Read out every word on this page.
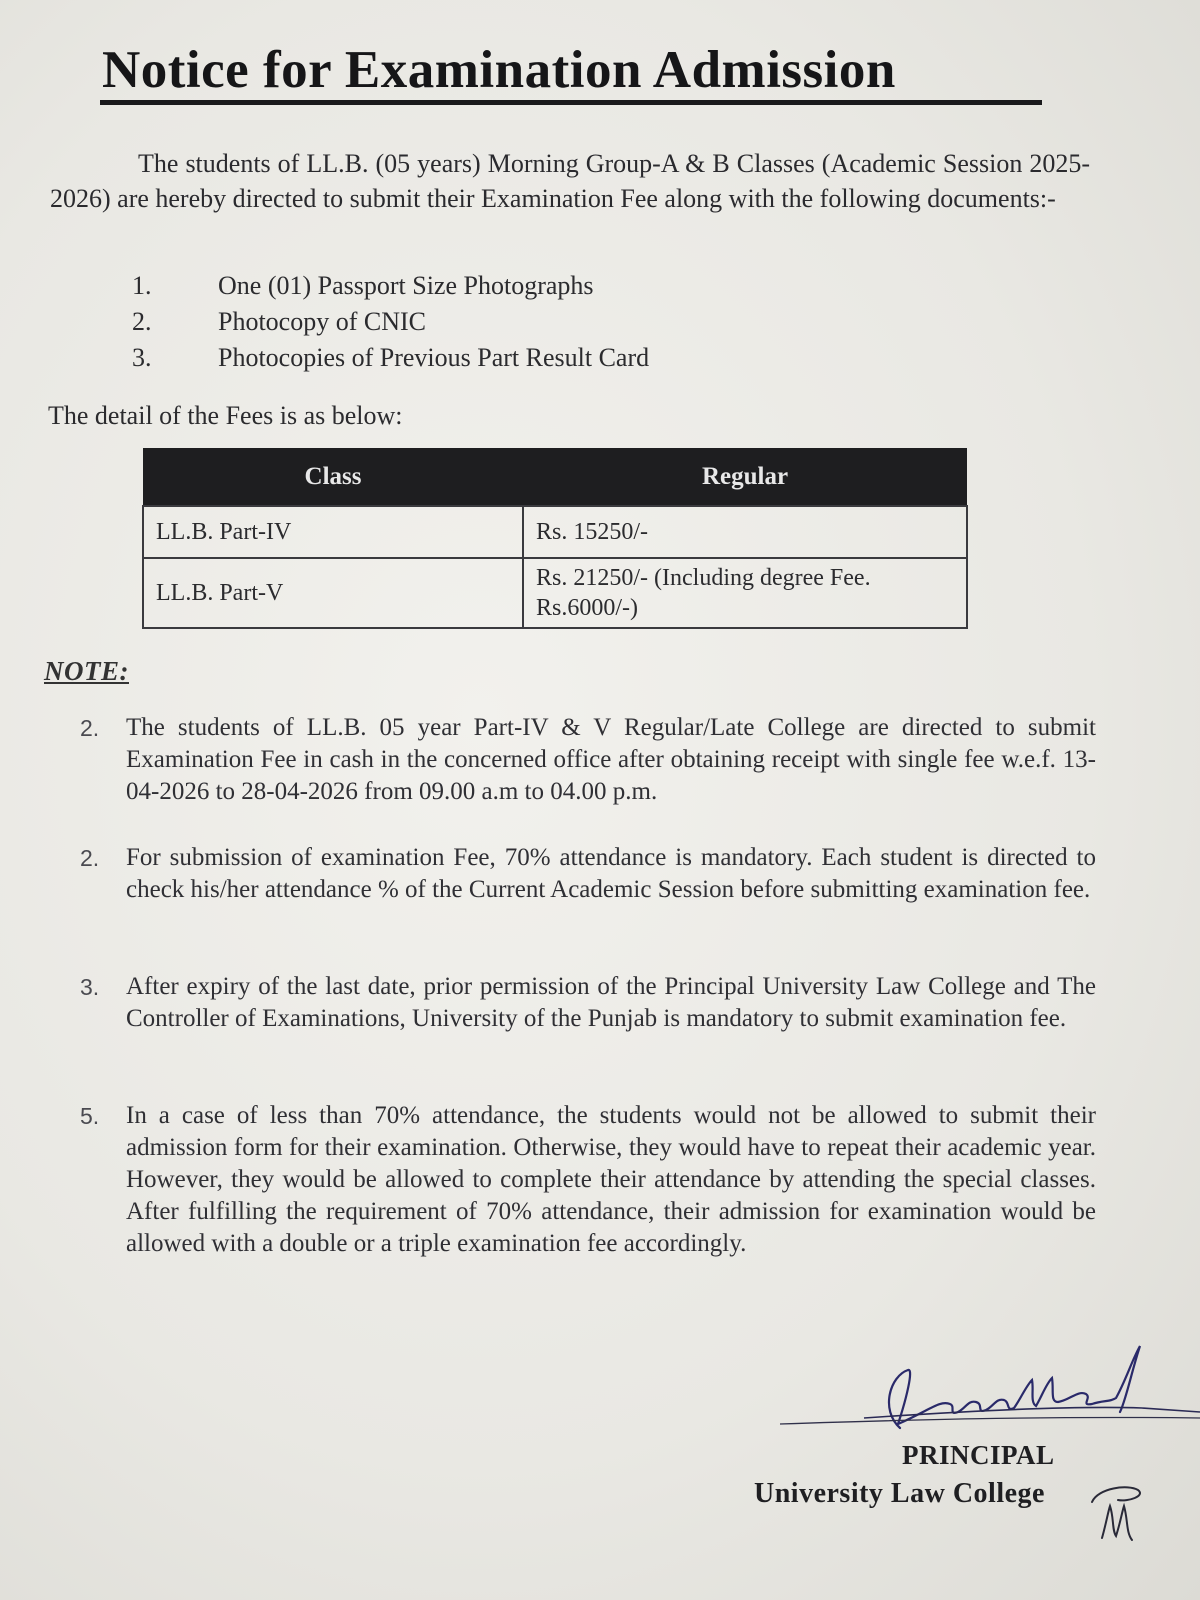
Notice for Examination Admission
The students of LL.B. (05 years) Morning Group-A & B Classes (Academic Session 2025-2026) are hereby directed to submit their Examination Fee along with the following documents:-
1.	One (01) Passport Size Photographs
2.	Photocopy of CNIC
3.	Photocopies of Previous Part Result Card
The detail of the Fees is as below:
Class	Regular
LL.B. Part-IV	Rs. 15250/-
LL.B. Part-V	Rs. 21250/- (Including degree Fee. Rs.6000/-)
NOTE:
2.	The students of LL.B. 05 year Part-IV & V Regular/Late College are directed to submit Examination Fee in cash in the concerned office after obtaining receipt with single fee w.e.f. 13-04-2026 to 28-04-2026 from 09.00 a.m to 04.00 p.m.
2.	For submission of examination Fee, 70% attendance is mandatory. Each student is directed to check his/her attendance % of the Current Academic Session before submitting examination fee.
3.	After expiry of the last date, prior permission of the Principal University Law College and The Controller of Examinations, University of the Punjab is mandatory to submit examination fee.
5.	In a case of less than 70% attendance, the students would not be allowed to submit their admission form for their examination. Otherwise, they would have to repeat their academic year. However, they would be allowed to complete their attendance by attending the special classes. After fulfilling the requirement of 70% attendance, their admission for examination would be allowed with a double or a triple examination fee accordingly.
PRINCIPAL
University Law College
